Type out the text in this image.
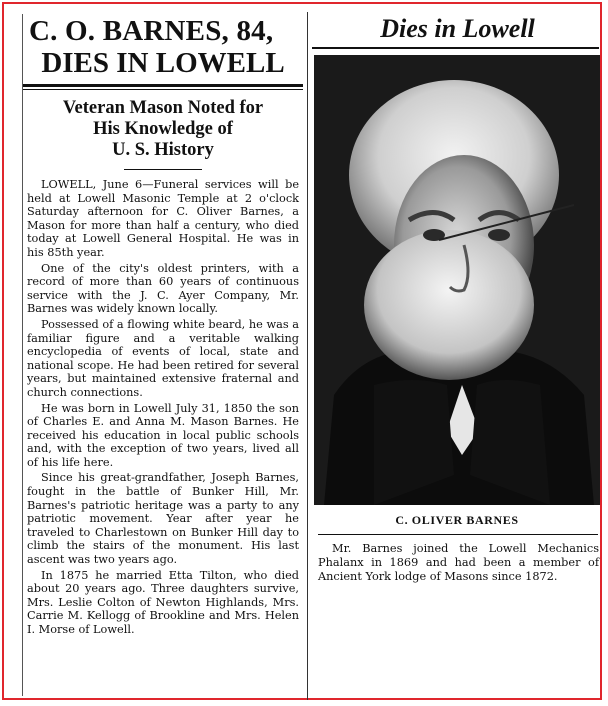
C. O. BARNES, 84,
DIES IN LOWELL
Veteran Mason Noted for
His Knowledge of
U. S. History

LOWELL, June 6—Funeral services will be held at Lowell Masonic Temple at 2 o'clock Saturday afternoon for C. Oliver Barnes, a Mason for more than half a century, who died today at Lowell General Hospital. He was in his 85th year.

One of the city's oldest printers, with a record of more than 60 years of continuous service with the J. C. Ayer Company, Mr. Barnes was widely known locally.

Possessed of a flowing white beard, he was a familiar figure and a veritable walking encyclopedia of events of local, state and national scope. He had been retired for several years, but maintained extensive fraternal and church connections.

He was born in Lowell July 31, 1850 the son of Charles E. and Anna M. Mason Barnes. He received his education in local public schools and, with the exception of two years, lived all of his life here.

Since his great-grandfather, Joseph Barnes, fought in the battle of Bunker Hill, Mr. Barnes's patriotic heritage was a party to any patriotic movement. Year after year he traveled to Charlestown on Bunker Hill day to climb the stairs of the monument. His last ascent was two years ago.

In 1875 he married Etta Tilton, who died about 20 years ago. Three daughters survive, Mrs. Leslie Colton of Newton Highlands, Mrs. Carrie M. Kellogg of Brookline and Mrs. Helen I. Morse of Lowell.

Dies in Lowell
C. OLIVER BARNES
Mr. Barnes joined the Lowell Mechanics Phalanx in 1869 and had been a member of Ancient York lodge of Masons since 1872.
